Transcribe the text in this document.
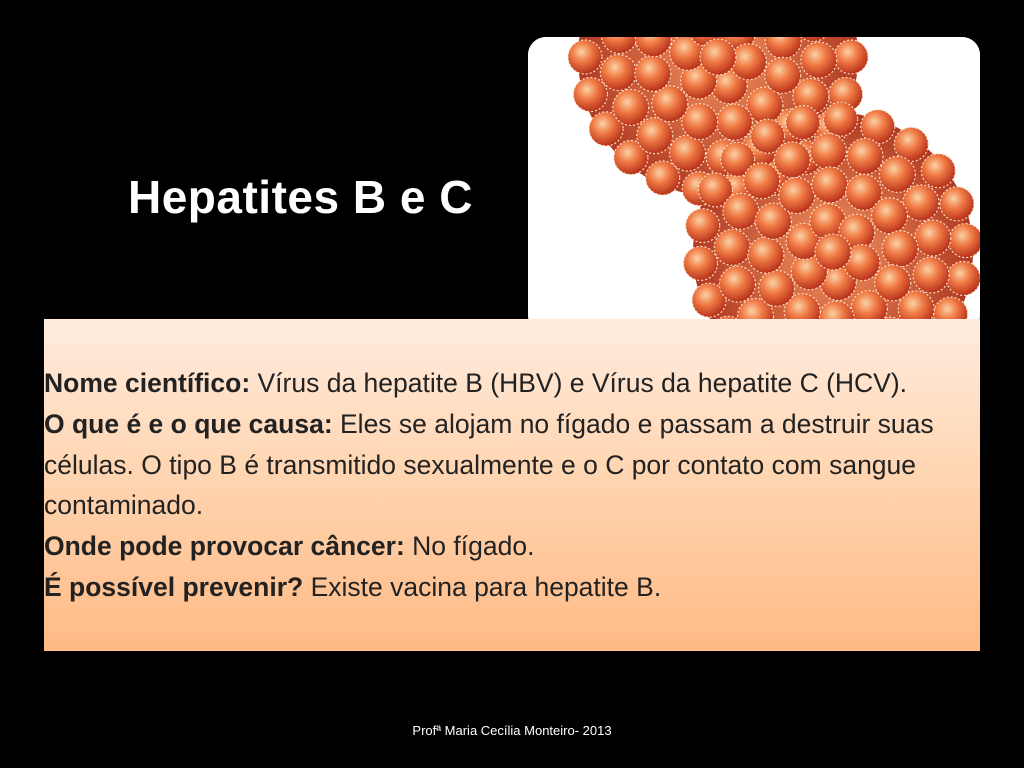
Hepatites B e C

Nome científico: Vírus da hepatite B (HBV) e Vírus da hepatite C (HCV).

O que é e o que causa: Eles se alojam no fígado e passam a destruir suas células. O tipo B é transmitido sexualmente e o C por contato com sangue contaminado.

Onde pode provocar câncer: No fígado.

É possível prevenir? Existe vacina para hepatite B.

Profª Maria Cecília Monteiro- 2013
